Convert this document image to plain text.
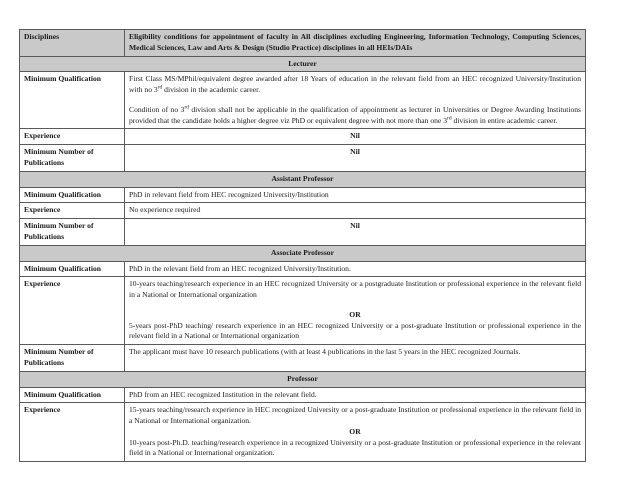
Disciplines	Eligibility conditions for appointment of faculty in All disciplines excluding Engineering, Information Technology, Computing Sciences, Medical Sciences, Law and Arts & Design (Studio Practice) disciplines in all HEIs/DAIs
Lecturer	
Minimum Qualification	First Class MS/MPhil/equivalent degree awarded after 18 Years of education in the relevant field from an HEC recognized University/Institution with no 3rd division in the academic career.

Condition of no 3rd division shall not be applicable in the qualification of appointment as lecturer in Universities or Degree Awarding Institutions provided that the candidate holds a higher degree viz PhD or equivalent degree with not more than one 3rd division in entire academic career.

Experience	Nil
Minimum Number of Publications	Nil
Assistant Professor	
Minimum Qualification	PhD in relevant field from HEC recognized University/Institution
Experience	No experience required
Minimum Number of Publications	Nil
Associate Professor	
Minimum Qualification	PhD in the relevant field from an HEC recognized University/Institution.
Experience	10-years teaching/research experience in an HEC recognized University or a postgraduate Institution or professional experience in the relevant field in a National or International organization

OR

5-years post-PhD teaching/ research experience in an HEC recognized University or a post-graduate Institution or professional experience in the relevant field in a National or International organization

Minimum Number of Publications	The applicant must have 10 research publications (with at least 4 publications in the last 5 years in the HEC recognized Journals.
Professor	
Minimum Qualification	PhD from an HEC recognized Institution in the relevant field.
Experience	15-years teaching/research experience in HEC recognized University or a post-graduate Institution or professional experience in the relevant field in a National or International organization.

OR

10-years post-Ph.D. teaching/research experience in a recognized University or a post-graduate Institution or professional experience in the relevant field in a National or International organization.
